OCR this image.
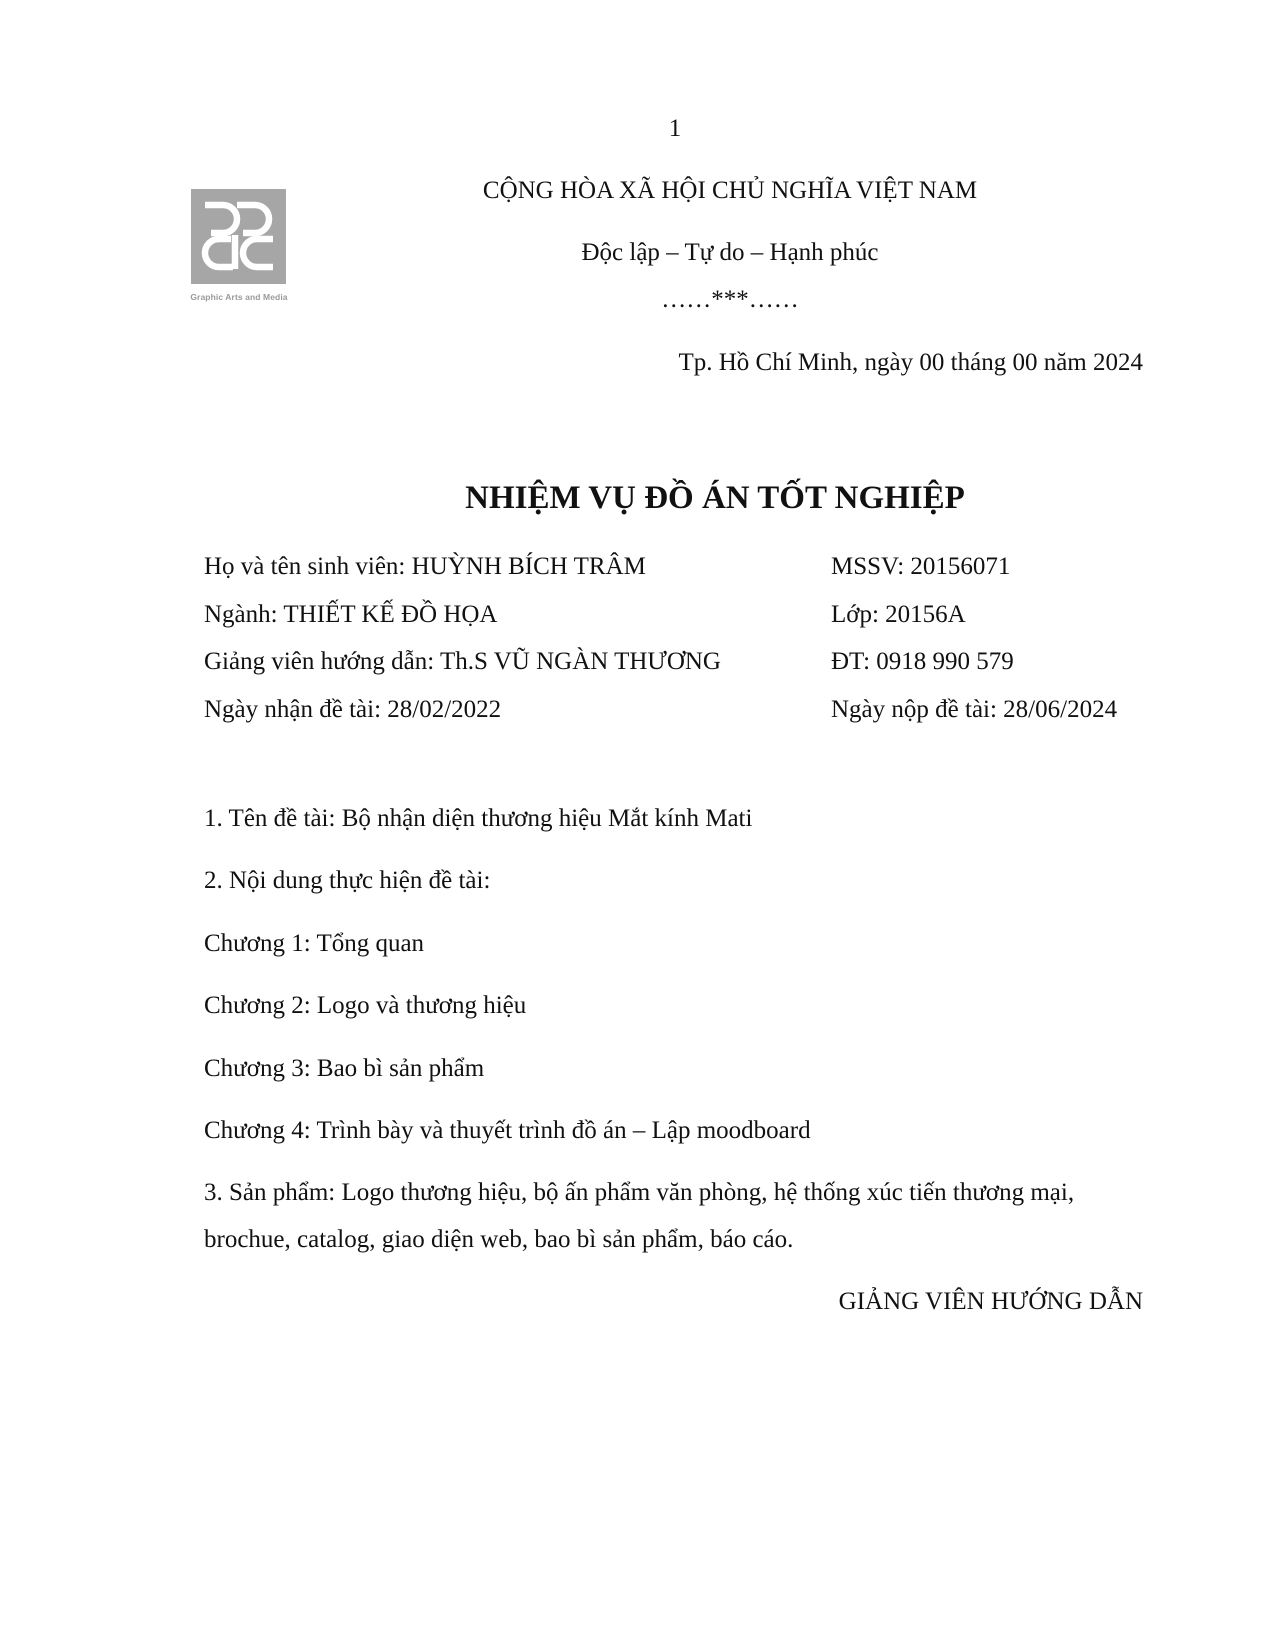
1
Graphic Arts and Media
CỘNG HÒA XÃ HỘI CHỦ NGHĨA VIỆT NAM
Độc lập – Tự do – Hạnh phúc
……***……
Tp. Hồ Chí Minh, ngày 00 tháng 00 năm 2024
NHIỆM VỤ ĐỒ ÁN TỐT NGHIỆP
Họ và tên sinh viên: HUỲNH BÍCH TRÂM	MSSV: 20156071
Ngành: THIẾT KẾ ĐỒ HỌA	Lớp: 20156A
Giảng viên hướng dẫn: Th.S VŨ NGÀN THƯƠNG	ĐT: 0918 990 579
Ngày nhận đề tài: 28/02/2022	Ngày nộp đề tài: 28/06/2024
1. Tên đề tài: Bộ nhận diện thương hiệu Mắt kính Mati
2. Nội dung thực hiện đề tài:
Chương 1: Tổng quan
Chương 2: Logo và thương hiệu
Chương 3: Bao bì sản phẩm
Chương 4: Trình bày và thuyết trình đồ án – Lập moodboard
3. Sản phẩm: Logo thương hiệu, bộ ấn phẩm văn phòng, hệ thống xúc tiến thương mại,
brochue, catalog, giao diện web, bao bì sản phẩm, báo cáo.
GIẢNG VIÊN HƯỚNG DẪN
